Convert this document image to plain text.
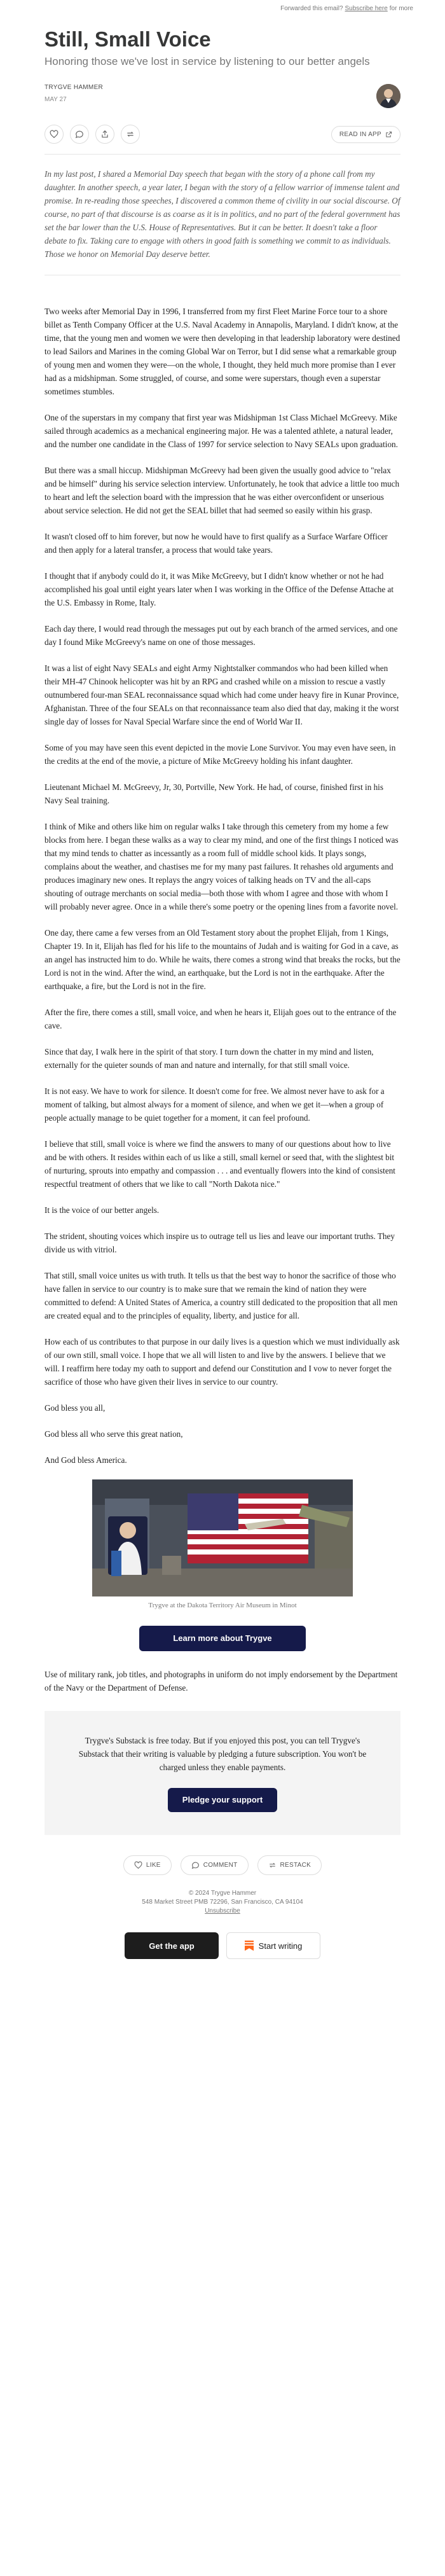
Forwarded this email? Subscribe here for more
Still, Small Voice
Honoring those we've lost in service by listening to our better angels
TRYGVE HAMMER
MAY 27
READ IN APP
In my last post, I shared a Memorial Day speech that began with the story of a phone call from my daughter. In another speech, a year later, I began with the story of a fellow warrior of immense talent and promise. In re-reading those speeches, I discovered a common theme of civility in our social discourse. Of course, no part of that discourse is as coarse as it is in politics, and no part of the federal government has set the bar lower than the U.S. House of Representatives. But it can be better. It doesn't take a floor debate to fix. Taking care to engage with others in good faith is something we commit to as individuals. Those we honor on Memorial Day deserve better.

Two weeks after Memorial Day in 1996, I transferred from my first Fleet Marine Force tour to a shore billet as Tenth Company Officer at the U.S. Naval Academy in Annapolis, Maryland. I didn't know, at the time, that the young men and women we were then developing in that leadership laboratory were destined to lead Sailors and Marines in the coming Global War on Terror, but I did sense what a remarkable group of young men and women they were—on the whole, I thought, they held much more promise than I ever had as a midshipman. Some struggled, of course, and some were superstars, though even a superstar sometimes stumbles.

One of the superstars in my company that first year was Midshipman 1st Class Michael McGreevy. Mike sailed through academics as a mechanical engineering major. He was a talented athlete, a natural leader, and the number one candidate in the Class of 1997 for service selection to Navy SEALs upon graduation.

But there was a small hiccup. Midshipman McGreevy had been given the usually good advice to "relax and be himself" during his service selection interview. Unfortunately, he took that advice a little too much to heart and left the selection board with the impression that he was either overconfident or unserious about service selection. He did not get the SEAL billet that had seemed so easily within his grasp.

It wasn't closed off to him forever, but now he would have to first qualify as a Surface Warfare Officer and then apply for a lateral transfer, a process that would take years.

I thought that if anybody could do it, it was Mike McGreevy, but I didn't know whether or not he had accomplished his goal until eight years later when I was working in the Office of the Defense Attache at the U.S. Embassy in Rome, Italy.

Each day there, I would read through the messages put out by each branch of the armed services, and one day I found Mike McGreevy's name on one of those messages.

It was a list of eight Navy SEALs and eight Army Nightstalker commandos who had been killed when their MH-47 Chinook helicopter was hit by an RPG and crashed while on a mission to rescue a vastly outnumbered four-man SEAL reconnaissance squad which had come under heavy fire in Kunar Province, Afghanistan. Three of the four SEALs on that reconnaissance team also died that day, making it the worst single day of losses for Naval Special Warfare since the end of World War II.

Some of you may have seen this event depicted in the movie Lone Survivor. You may even have seen, in the credits at the end of the movie, a picture of Mike McGreevy holding his infant daughter.

Lieutenant Michael M. McGreevy, Jr, 30, Portville, New York. He had, of course, finished first in his Navy Seal training.

I think of Mike and others like him on regular walks I take through this cemetery from my home a few blocks from here. I began these walks as a way to clear my mind, and one of the first things I noticed was that my mind tends to chatter as incessantly as a room full of middle school kids. It plays songs, complains about the weather, and chastises me for my many past failures. It rehashes old arguments and produces imaginary new ones. It replays the angry voices of talking heads on TV and the all-caps shouting of outrage merchants on social media—both those with whom I agree and those with whom I will probably never agree. Once in a while there's some poetry or the opening lines from a favorite novel.

One day, there came a few verses from an Old Testament story about the prophet Elijah, from 1 Kings, Chapter 19. In it, Elijah has fled for his life to the mountains of Judah and is waiting for God in a cave, as an angel has instructed him to do. While he waits, there comes a strong wind that breaks the rocks, but the Lord is not in the wind. After the wind, an earthquake, but the Lord is not in the earthquake. After the earthquake, a fire, but the Lord is not in the fire.

After the fire, there comes a still, small voice, and when he hears it, Elijah goes out to the entrance of the cave.

Since that day, I walk here in the spirit of that story. I turn down the chatter in my mind and listen, externally for the quieter sounds of man and nature and internally, for that still small voice.

It is not easy. We have to work for silence. It doesn't come for free. We almost never have to ask for a moment of talking, but almost always for a moment of silence, and when we get it—when a group of people actually manage to be quiet together for a moment, it can feel profound.

I believe that still, small voice is where we find the answers to many of our questions about how to live and be with others. It resides within each of us like a still, small kernel or seed that, with the slightest bit of nurturing, sprouts into empathy and compassion . . . and eventually flowers into the kind of consistent respectful treatment of others that we like to call "North Dakota nice."

It is the voice of our better angels.

The strident, shouting voices which inspire us to outrage tell us lies and leave our important truths. They divide us with vitriol.

That still, small voice unites us with truth. It tells us that the best way to honor the sacrifice of those who have fallen in service to our country is to make sure that we remain the kind of nation they were committed to defend: A United States of America, a country still dedicated to the proposition that all men are created equal and to the principles of equality, liberty, and justice for all.

How each of us contributes to that purpose in our daily lives is a question which we must individually ask of our own still, small voice. I hope that we all will listen to and live by the answers. I believe that we will. I reaffirm here today my oath to support and defend our Constitution and I vow to never forget the sacrifice of those who have given their lives in service to our country.

God bless you all,

God bless all who serve this great nation,

And God bless America.

Trygve at the Dakota Territory Air Museum in Minot
Learn more about Trygve

Use of military rank, job titles, and photographs in uniform do not imply endorsement by the Department of the Navy or the Department of Defense.

Trygve's Substack is free today. But if you enjoyed this post, you can tell Trygve's Substack that their writing is valuable by pledging a future subscription. You won't be charged unless they enable payments.

Pledge your support
LIKE	COMMENT	RESTACK
© 2024 Trygve Hammer
548 Market Street PMB 72296, San Francisco, CA 94104
Unsubscribe
Get the app	Start writing
